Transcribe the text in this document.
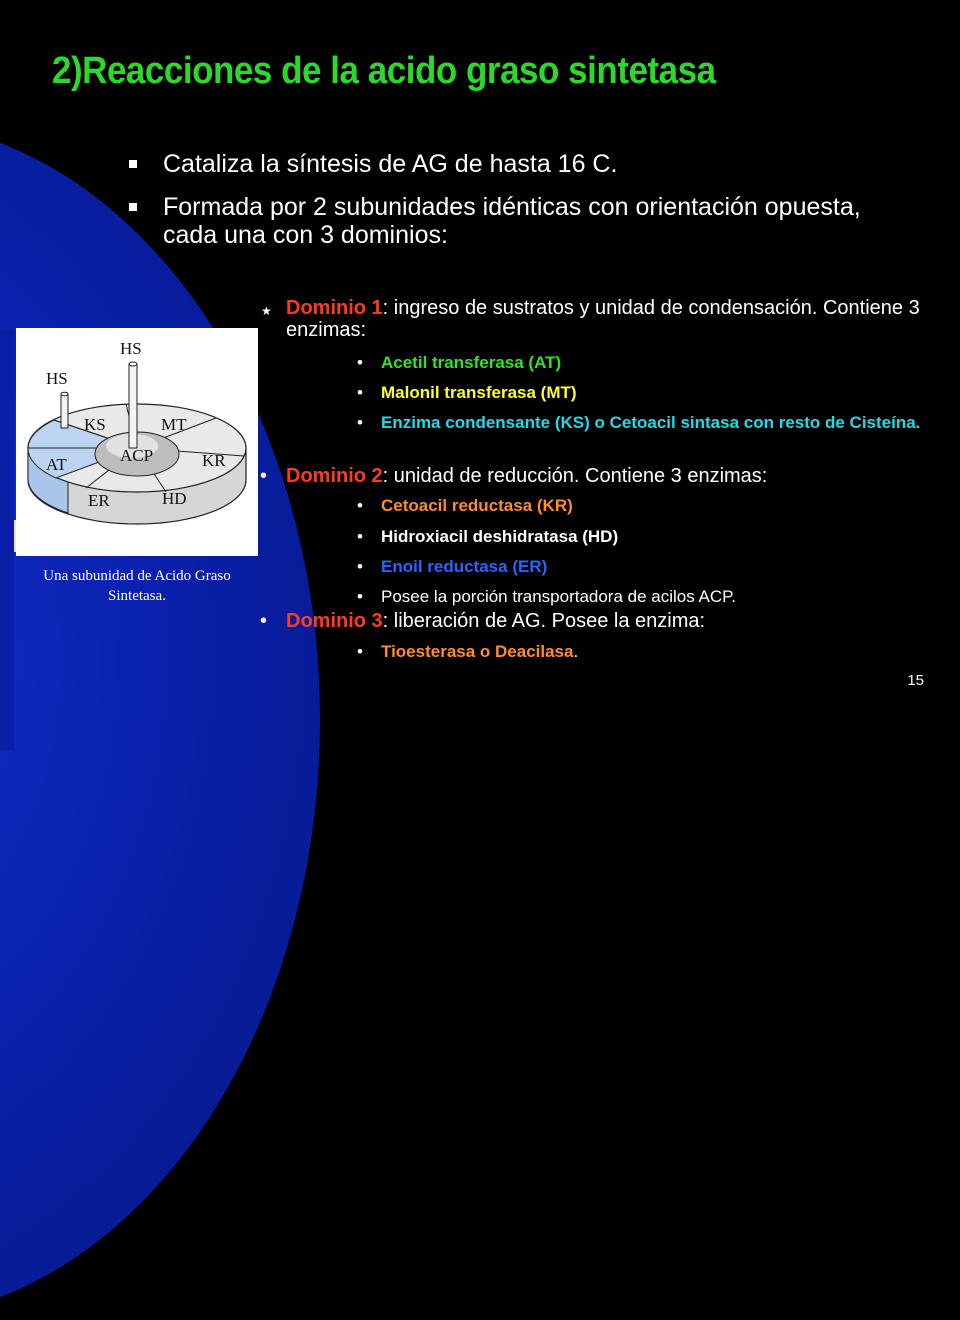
2)Reacciones de la acido graso sintetasa
Cataliza la síntesis de AG de hasta 16 C.
Formada por 2 subunidades idénticas con orientación opuesta, cada una con 3 dominios:
★ Dominio 1: ingreso de sustratos y unidad de condensación. Contiene 3 enzimas:
• Acetil transferasa (AT)
• Malonil transferasa (MT)
• Enzima condensante (KS) o Cetoacil sintasa con resto de Cisteína.
• Dominio 2: unidad de reducción. Contiene 3 enzimas:
• Cetoacil reductasa (KR)
• Hidroxiacil deshidratasa (HD)
• Enoil reductasa (ER)
• Posee la porción transportadora de acilos ACP.
• Dominio 3: liberación de AG. Posee la enzima:
• Tioesterasa o Deacilasa.
HS
HS
KS	MT
AT	ACP	KR
ER	HD
Una subunidad de Acido Graso Sintetasa.
15
